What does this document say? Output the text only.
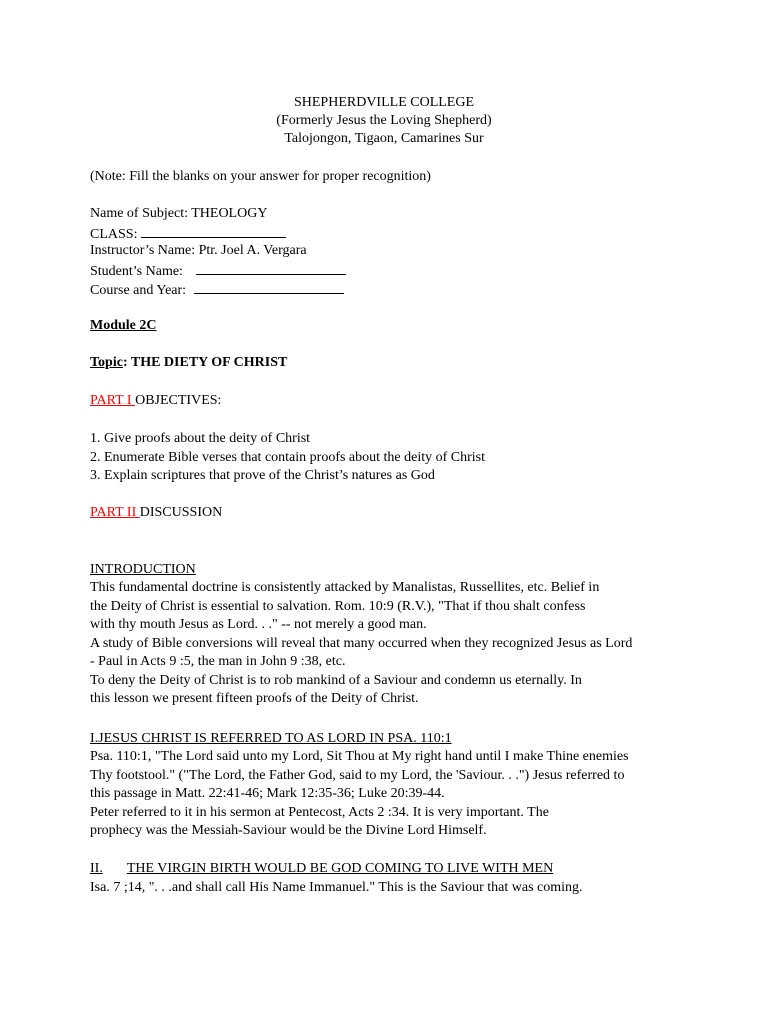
SHEPHERDVILLE COLLEGE
(Formerly Jesus the Loving Shepherd)
Talojongon, Tigaon, Camarines Sur
(Note: Fill the blanks on your answer for proper recognition)
Name of Subject: THEOLOGY
CLASS:
Instructor’s Name: Ptr. Joel A. Vergara
Student’s Name:
Course and Year:
Module 2C
Topic: THE DIETY OF CHRIST
PART I OBJECTIVES:
1. Give proofs about the deity of Christ
2. Enumerate Bible verses that contain proofs about the deity of Christ
3. Explain scriptures that prove of the Christ’s natures as God
PART II DISCUSSION
INTRODUCTION
This fundamental doctrine is consistently attacked by Manalistas, Russellites, etc. Belief in
the Deity of Christ is essential to salvation. Rom. 10:9 (R.V.), "That if thou shalt confess
with thy mouth Jesus as Lord. . ." -- not merely a good man.
A study of Bible conversions will reveal that many occurred when they recognized Jesus as Lord
- Paul in Acts 9 :5, the man in John 9 :38, etc.
To deny the Deity of Christ is to rob mankind of a Saviour and condemn us eternally. In
this lesson we present fifteen proofs of the Deity of Christ.
I.JESUS CHRIST IS REFERRED TO AS LORD IN PSA. 110:1
Psa. 110:1, "The Lord said unto my Lord, Sit Thou at My right hand until I make Thine enemies
Thy footstool." ("The Lord, the Father God, said to my Lord, the 'Saviour. . .") Jesus referred to
this passage in Matt. 22:41-46; Mark 12:35-36; Luke 20:39-44.
Peter referred to it in his sermon at Pentecost, Acts 2 :34. It is very important. The
prophecy was the Messiah-Saviour would be the Divine Lord Himself.
II. THE VIRGIN BIRTH WOULD BE GOD COMING TO LIVE WITH MEN
Isa. 7 ;14, ". . .and shall call His Name Immanuel." This is the Saviour that was coming.
